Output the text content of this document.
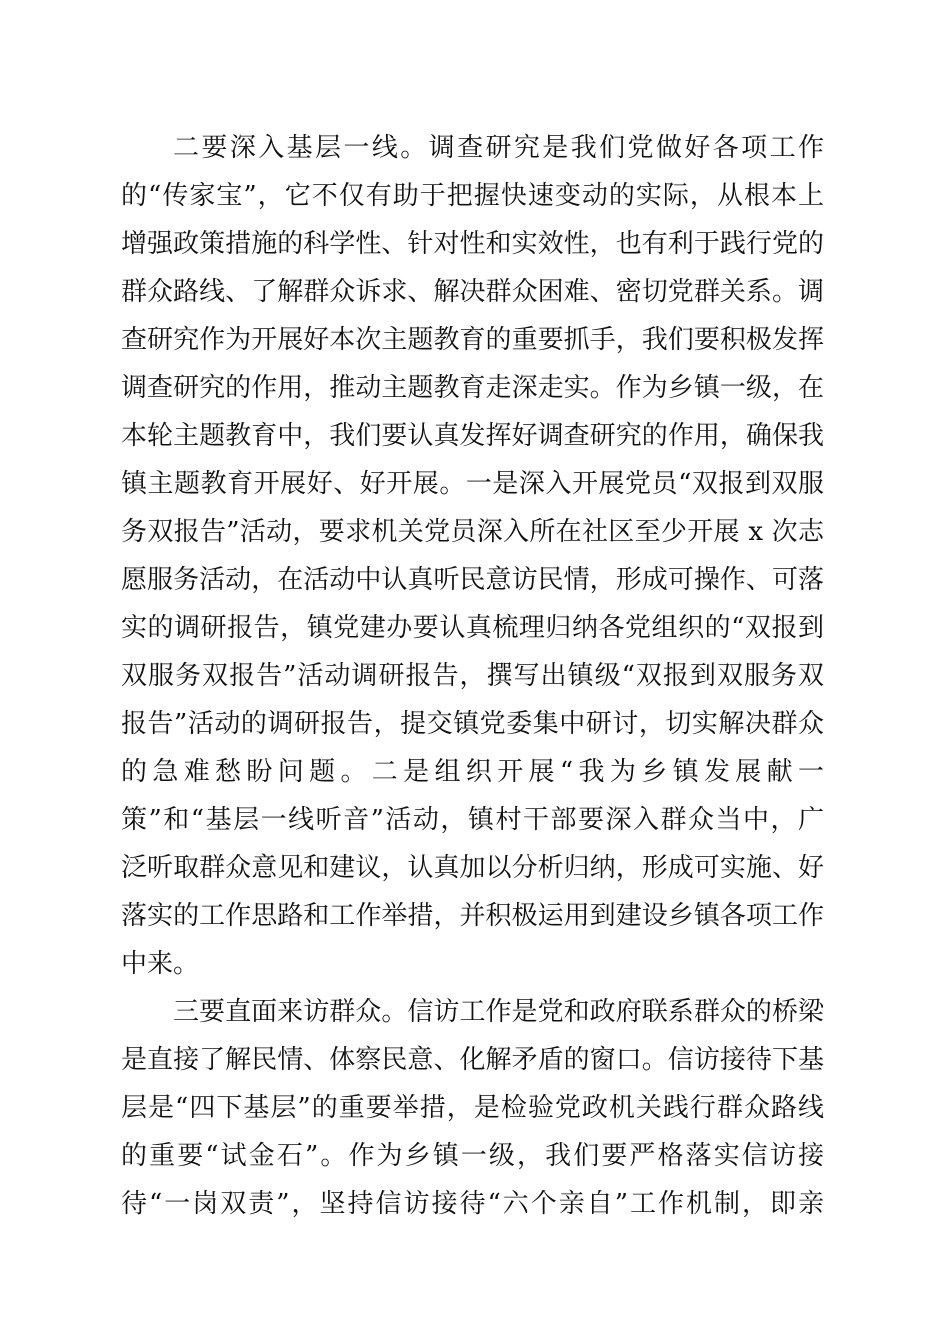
二要深入基层一线。调查研究是我们党做好各项工作
的“传家宝”，它不仅有助于把握快速变动的实际，从根本上
增强政策措施的科学性、针对性和实效性，也有利于践行党的
群众路线、了解群众诉求、解决群众困难、密切党群关系。调
查研究作为开展好本次主题教育的重要抓手，我们要积极发挥
调查研究的作用，推动主题教育走深走实。作为乡镇一级，在
本轮主题教育中，我们要认真发挥好调查研究的作用，确保我
镇主题教育开展好、好开展。一是深入开展党员“双报到双服
务双报告”活动，要求机关党员深入所在社区至少开展 x 次志
愿服务活动，在活动中认真听民意访民情，形成可操作、可落
实的调研报告，镇党建办要认真梳理归纳各党组织的“双报到
双服务双报告”活动调研报告，撰写出镇级“双报到双服务双
报告”活动的调研报告，提交镇党委集中研讨，切实解决群众
的急难愁盼问题。二是组织开展“我为乡镇发展献一
策”和“基层一线听音”活动，镇村干部要深入群众当中，广
泛听取群众意见和建议，认真加以分析归纳，形成可实施、好
落实的工作思路和工作举措，并积极运用到建设乡镇各项工作
中来。
三要直面来访群众。信访工作是党和政府联系群众的桥梁
是直接了解民情、体察民意、化解矛盾的窗口。信访接待下基
层是“四下基层”的重要举措，是检验党政机关践行群众路线
的重要“试金石”。作为乡镇一级，我们要严格落实信访接
待“一岗双责”，坚持信访接待“六个亲自”工作机制，即亲
